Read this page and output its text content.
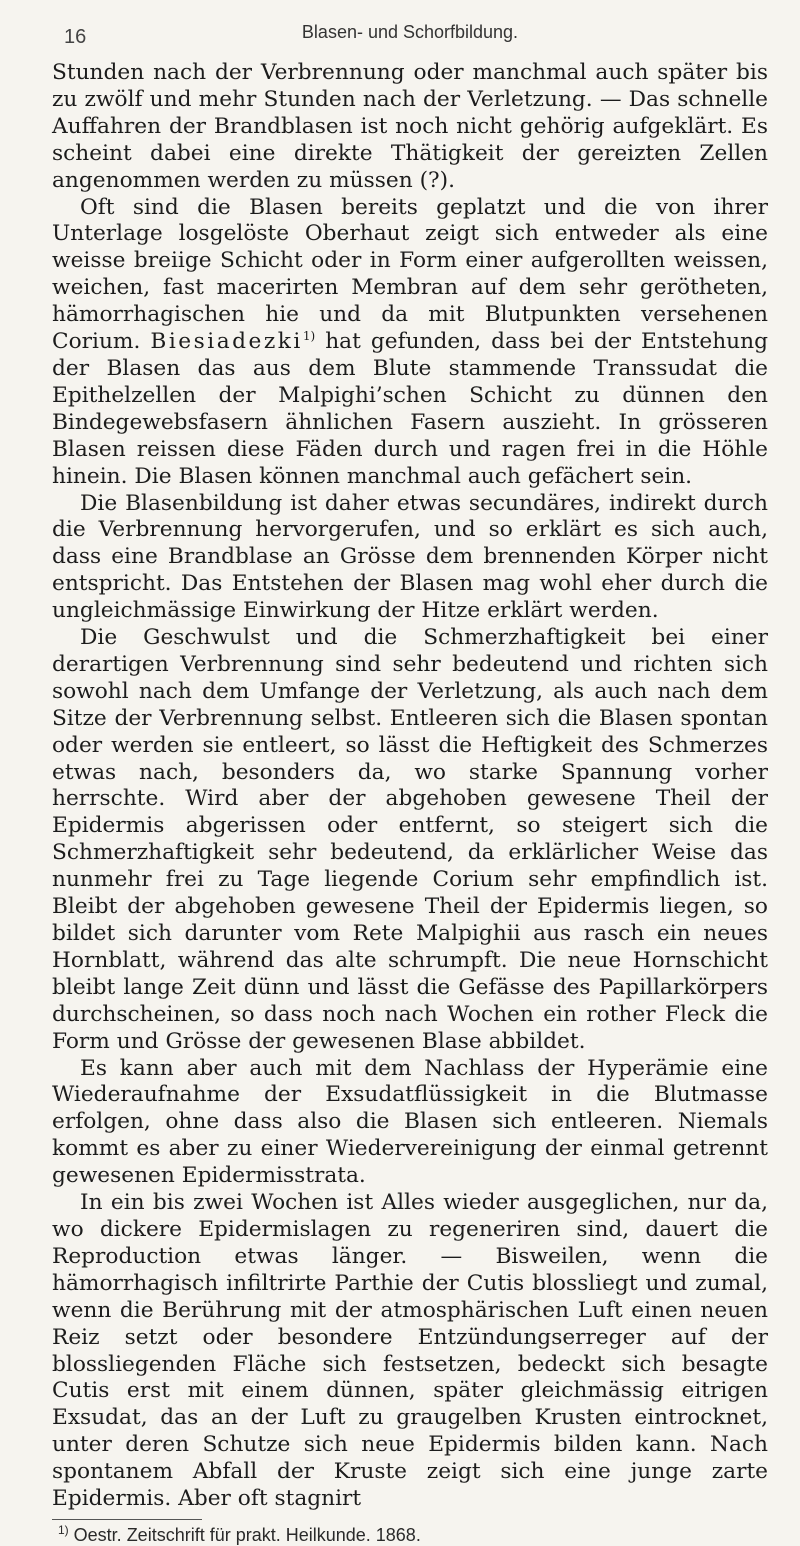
16	Blasen- und Schorfbildung.

Stunden nach der Verbrennung oder manchmal auch später bis zu zwölf und mehr Stunden nach der Verletzung. — Das schnelle Auffahren der Brandblasen ist noch nicht gehörig aufgeklärt. Es scheint dabei eine direkte Thätigkeit der gereizten Zellen angenommen werden zu müssen (?).

Oft sind die Blasen bereits geplatzt und die von ihrer Unterlage losgelöste Oberhaut zeigt sich entweder als eine weisse breiige Schicht oder in Form einer aufgerollten weissen, weichen, fast macerirten Membran auf dem sehr gerötheten, hämorrhagischen hie und da mit Blutpunkten versehenen Corium. Biesiadezki$^{1)}$ hat gefunden, dass bei der Entstehung der Blasen das aus dem Blute stammende Transsudat die Epithelzellen der Malpighi’schen Schicht zu dünnen den Bindegewebsfasern ähnlichen Fasern auszieht. In grösseren Blasen reissen diese Fäden durch und ragen frei in die Höhle hinein. Die Blasen können manchmal auch gefächert sein.

Die Blasenbildung ist daher etwas secundäres, indirekt durch die Verbrennung hervorgerufen, und so erklärt es sich auch, dass eine Brandblase an Grösse dem brennenden Körper nicht entspricht. Das Entstehen der Blasen mag wohl eher durch die ungleichmässige Einwirkung der Hitze erklärt werden.

Die Geschwulst und die Schmerzhaftigkeit bei einer derartigen Verbrennung sind sehr bedeutend und richten sich sowohl nach dem Umfange der Verletzung, als auch nach dem Sitze der Verbrennung selbst. Entleeren sich die Blasen spontan oder werden sie entleert, so lässt die Heftigkeit des Schmerzes etwas nach, besonders da, wo starke Spannung vorher herrschte. Wird aber der abgehoben gewesene Theil der Epidermis abgerissen oder entfernt, so steigert sich die Schmerzhaftigkeit sehr bedeutend, da erklärlicher Weise das nunmehr frei zu Tage liegende Corium sehr empfindlich ist. Bleibt der abgehoben gewesene Theil der Epidermis liegen, so bildet sich darunter vom Rete Malpighii aus rasch ein neues Hornblatt, während das alte schrumpft. Die neue Hornschicht bleibt lange Zeit dünn und lässt die Gefässe des Papillarkörpers durchscheinen, so dass noch nach Wochen ein rother Fleck die Form und Grösse der gewesenen Blase abbildet.

Es kann aber auch mit dem Nachlass der Hyperämie eine Wiederaufnahme der Exsudatflüssigkeit in die Blutmasse erfolgen, ohne dass also die Blasen sich entleeren. Niemals kommt es aber zu einer Wiedervereinigung der einmal getrennt gewesenen Epidermisstrata.

In ein bis zwei Wochen ist Alles wieder ausgeglichen, nur da, wo dickere Epidermislagen zu regeneriren sind, dauert die Reproduction etwas länger. — Bisweilen, wenn die hämorrhagisch infiltrirte Parthie der Cutis blossliegt und zumal, wenn die Berührung mit der atmosphärischen Luft einen neuen Reiz setzt oder besondere Entzündungserreger auf der blossliegenden Fläche sich festsetzen, bedeckt sich besagte Cutis erst mit einem dünnen, später gleichmässig eitrigen Exsudat, das an der Luft zu graugelben Krusten eintrocknet, unter deren Schutze sich neue Epidermis bilden kann. Nach spontanem Abfall der Kruste zeigt sich eine junge zarte Epidermis. Aber oft stagnirt

$^{1)}$ Oestr. Zeitschrift für prakt. Heilkunde. 1868.
